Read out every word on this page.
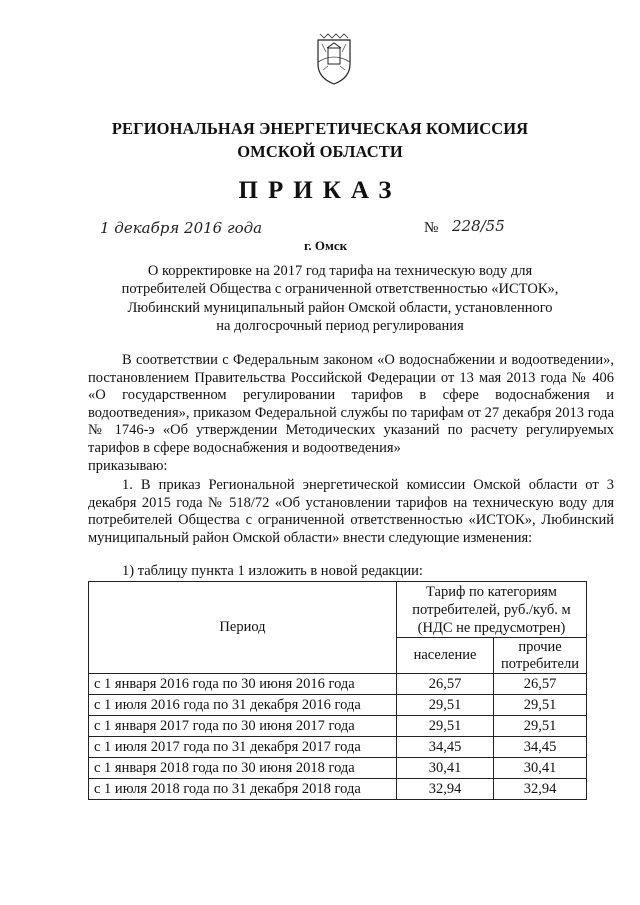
РЕГИОНАЛЬНАЯ ЭНЕРГЕТИЧЕСКАЯ КОМИССИЯ
ОМСКОЙ ОБЛАСТИ
ПРИКАЗ
1 декабря 2016 года	№ 228/55
г. Омск
О корректировке на 2017 год тарифа на техническую воду для
потребителей Общества с ограниченной ответственностью «ИСТОК»,
Любинский муниципальный район Омской области, установленного
на долгосрочный период регулирования

В соответствии с Федеральным законом «О водоснабжении и водоотведении», постановлением Правительства Российской Федерации от 13 мая 2013 года № 406 «О государственном регулировании тарифов в сфере водоснабжения и водоотведения», приказом Федеральной службы по тарифам от 27 декабря 2013 года № 1746-э «Об утверждении Методических указаний по расчету регулируемых тарифов в сфере водоснабжения и водоотведения»

приказываю:

1. В приказ Региональной энергетической комиссии Омской области от 3 декабря 2015 года № 518/72 «Об установлении тарифов на техническую воду для потребителей Общества с ограниченной ответственностью «ИСТОК», Любинский муниципальный район Омской области» внести следующие изменения:

1) таблицу пункта 1 изложить в новой редакции:
Период	Тариф по категориям
потребителей, руб./куб. м
(НДС не предусмотрен)	

	население	прочие
потребители

с 1 января 2016 года по 30 июня 2016 года	26,57	26,57
с 1 июля 2016 года по 31 декабря 2016 года	29,51	29,51
с 1 января 2017 года по 30 июня 2017 года	29,51	29,51
с 1 июля 2017 года по 31 декабря 2017 года	34,45	34,45
с 1 января 2018 года по 30 июня 2018 года	30,41	30,41
с 1 июля 2018 года по 31 декабря 2018 года	32,94	32,94
